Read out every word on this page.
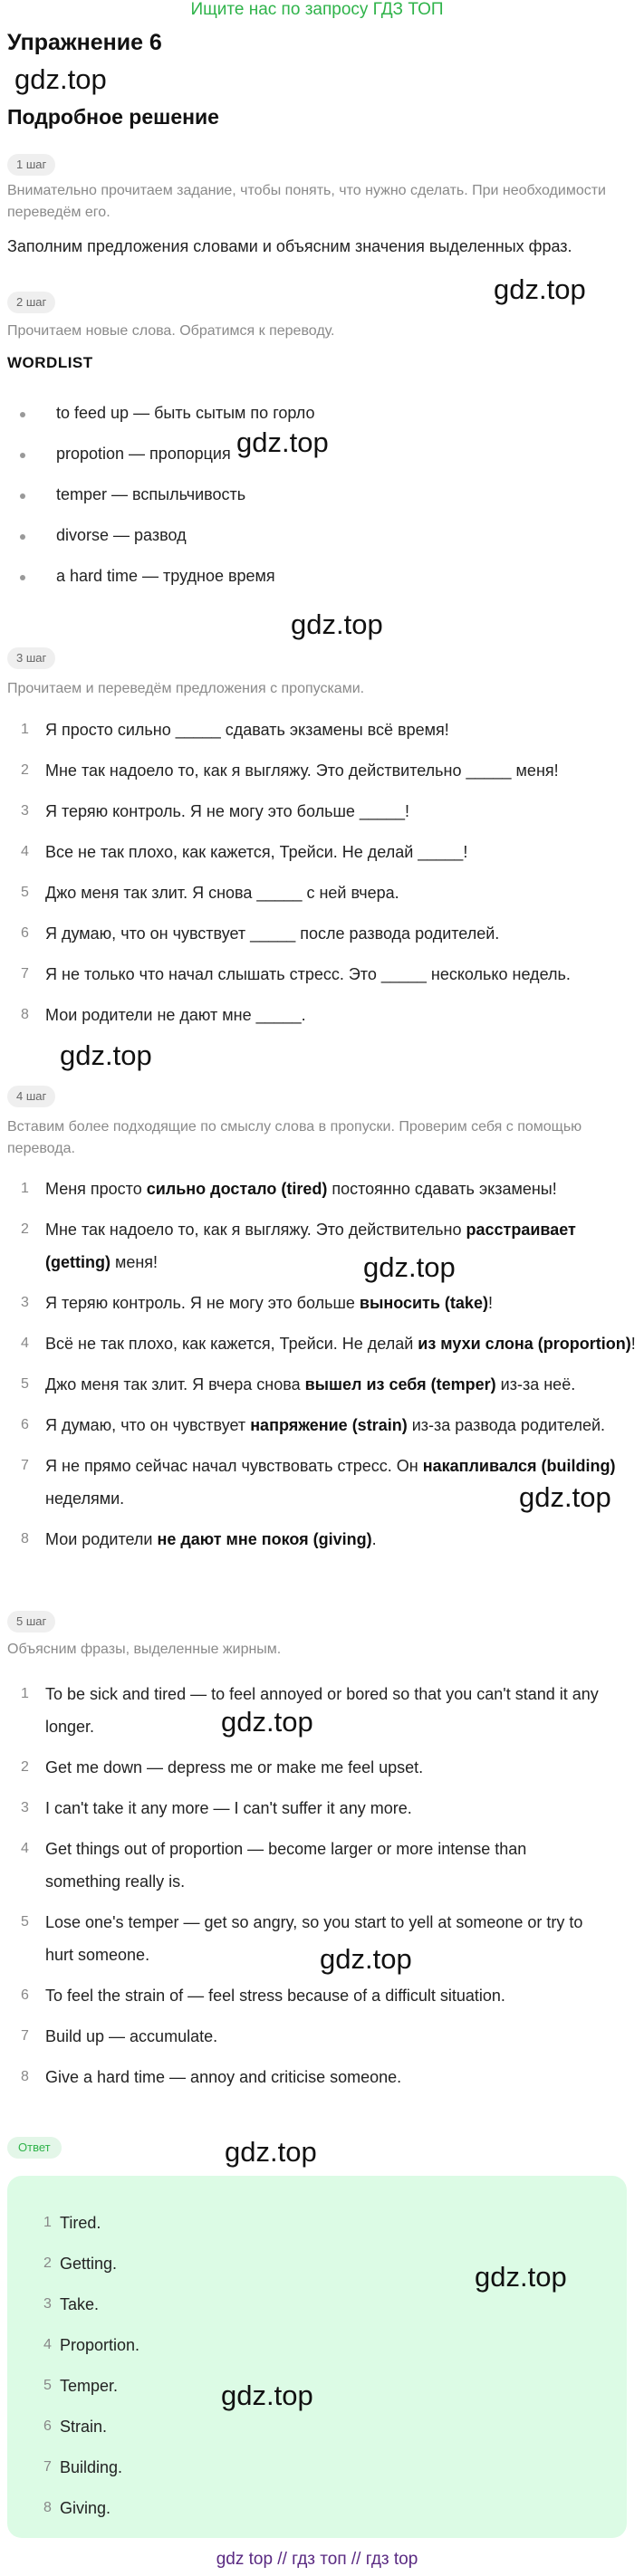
Ищите нас по запросу ГДЗ ТОП
Упражнение 6
gdz.top
Подробное решение
1 шаг
Внимательно прочитаем задание, чтобы понять, что нужно сделать. При необходимости переведём его.
Заполним предложения словами и объясним значения выделенных фраз.
gdz.top
2 шаг
Прочитаем новые слова. Обратимся к переводу.
WORDLIST
to feed up — быть сытым по горло
propotion — пропорция
temper — вспыльчивость
divorse — развод
a hard time — трудное время
gdz.top
gdz.top
3 шаг
Прочитаем и переведём предложения с пропусками.
1 Я просто сильно _____ сдавать экзамены всё время!
2 Мне так надоело то, как я выгляжу. Это действительно _____ меня!
3 Я теряю контроль. Я не могу это больше _____!
4 Все не так плохо, как кажется, Трейси. Не делай _____!
5 Джо меня так злит. Я снова _____ с ней вчера.
6 Я думаю, что он чувствует _____ после развода родителей.
7 Я не только что начал слышать стресс. Это _____ несколько недель.
8 Мои родители не дают мне _____.
gdz.top
4 шаг
Вставим более подходящие по смыслу слова в пропуски. Проверим себя с помощью перевода.
1 Меня просто сильно достало (tired) постоянно сдавать экзамены!
2 Мне так надоело то, как я выгляжу. Это действительно расстраивает
(getting) меня!
3 Я теряю контроль. Я не могу это больше выносить (take)!
4 Всё не так плохо, как кажется, Трейси. Не делай из мухи слона (proportion)!
5 Джо меня так злит. Я вчера снова вышел из себя (temper) из-за неё.
6 Я думаю, что он чувствует напряжение (strain) из-за развода родителей.
7 Я не прямо сейчас начал чувствовать стресс. Он накапливался (building)
неделями.
8 Мои родители не дают мне покоя (giving).
gdz.top
gdz.top
5 шаг
Объясним фразы, выделенные жирным.
1 To be sick and tired — to feel annoyed or bored so that you can't stand it any
longer.
2 Get me down — depress me or make me feel upset.
3 I can't take it any more — I can't suffer it any more.
4 Get things out of proportion — become larger or more intense than
something really is.
5 Lose one's temper — get so angry, so you start to yell at someone or try to
hurt someone.
6 To feel the strain of — feel stress because of a difficult situation.
7 Build up — accumulate.
8 Give a hard time — annoy and criticise someone.
gdz.top
gdz.top
Ответ	gdz.top
1 Tired.
2 Getting.
3 Take.
4 Proportion.
5 Temper.
6 Strain.
7 Building.
8 Giving.
gdz.top
gdz.top
gdz top // гдз топ // гдз top
